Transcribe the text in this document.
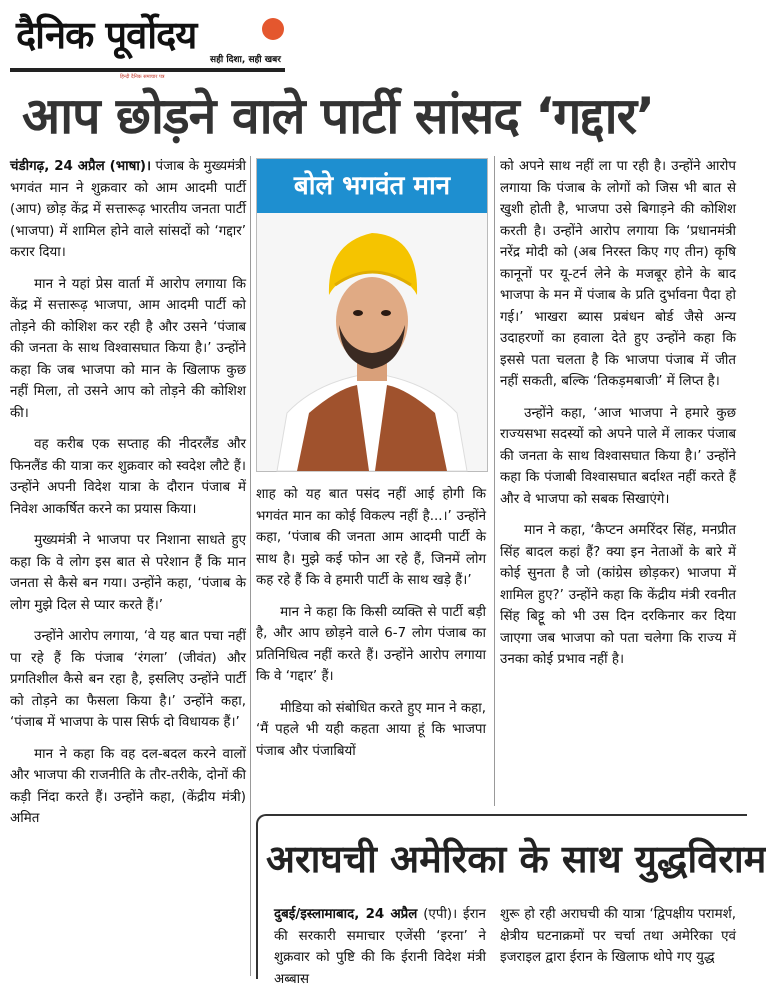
दैनिक पूर्वोदय
सही दिशा, सही खबर
हिन्दी दैनिक समाचार पत्र
आप छोड़ने वाले पार्टी सांसद ‘गद्दार’

चंडीगढ़, 24 अप्रैल (भाषा)। पंजाब के मुख्यमंत्री भगवंत मान ने शुक्रवार को आम आदमी पार्टी (आप) छोड़ केंद्र में सत्तारूढ़ भारतीय जनता पार्टी (भाजपा) में शामिल होने वाले सांसदों को ‘गद्दार’ करार दिया।

मान ने यहां प्रेस वार्ता में आरोप लगाया कि केंद्र में सत्तारूढ़ भाजपा, आम आदमी पार्टी को तोड़ने की कोशिश कर रही है और उसने ‘पंजाब की जनता के साथ विश्वासघात किया है।’ उन्होंने कहा कि जब भाजपा को मान के खिलाफ कुछ नहीं मिला, तो उसने आप को तोड़ने की कोशिश की।

वह करीब एक सप्ताह की नीदरलैंड और फिनलैंड की यात्रा कर शुक्रवार को स्वदेश लौटे हैं। उन्होंने अपनी विदेश यात्रा के दौरान पंजाब में निवेश आकर्षित करने का प्रयास किया।

मुख्यमंत्री ने भाजपा पर निशाना साधते हुए कहा कि वे लोग इस बात से परेशान हैं कि मान जनता से कैसे बन गया। उन्होंने कहा, ‘पंजाब के लोग मुझे दिल से प्यार करते हैं।’

उन्होंने आरोप लगाया, ‘वे यह बात पचा नहीं पा रहे हैं कि पंजाब ‘रंगला’ (जीवंत) और प्रगतिशील कैसे बन रहा है, इसलिए उन्होंने पार्टी को तोड़ने का फैसला किया है।’ उन्होंने कहा, ‘पंजाब में भाजपा के पास सिर्फ दो विधायक हैं।’

मान ने कहा कि वह दल-बदल करने वालों और भाजपा की राजनीति के तौर-तरीके, दोनों की कड़ी निंदा करते हैं। उन्होंने कहा, (केंद्रीय मंत्री) अमित

बोले भगवंत मान

शाह को यह बात पसंद नहीं आई होगी कि भगवंत मान का कोई विकल्प नहीं है...।’ उन्होंने कहा, ‘पंजाब की जनता आम आदमी पार्टी के साथ है। मुझे कई फोन आ रहे हैं, जिनमें लोग कह रहे हैं कि वे हमारी पार्टी के साथ खड़े हैं।’

मान ने कहा कि किसी व्यक्ति से पार्टी बड़ी है, और आप छोड़ने वाले 6-7 लोग पंजाब का प्रतिनिधित्व नहीं करते हैं। उन्होंने आरोप लगाया कि वे ‘गद्दार’ हैं।

मीडिया को संबोधित करते हुए मान ने कहा, ‘मैं पहले भी यही कहता आया हूं कि भाजपा पंजाब और पंजाबियों

को अपने साथ नहीं ला पा रही है। उन्होंने आरोप लगाया कि पंजाब के लोगों को जिस भी बात से खुशी होती है, भाजपा उसे बिगाड़ने की कोशिश करती है। उन्होंने आरोप लगाया कि ‘प्रधानमंत्री नरेंद्र मोदी को (अब निरस्त किए गए तीन) कृषि कानूनों पर यू-टर्न लेने के मजबूर होने के बाद भाजपा के मन में पंजाब के प्रति दुर्भावना पैदा हो गई।’ भाखरा ब्यास प्रबंधन बोर्ड जैसे अन्य उदाहरणों का हवाला देते हुए उन्होंने कहा कि इससे पता चलता है कि भाजपा पंजाब में जीत नहीं सकती, बल्कि ‘तिकड़मबाजी’ में लिप्त है।

उन्होंने कहा, ‘आज भाजपा ने हमारे कुछ राज्यसभा सदस्यों को अपने पाले में लाकर पंजाब की जनता के साथ विश्वासघात किया है।’ उन्होंने कहा कि पंजाबी विश्वासघात बर्दाश्त नहीं करते हैं और वे भाजपा को सबक सिखाएंगे।

मान ने कहा, ‘कैप्टन अमरिंदर सिंह, मनप्रीत सिंह बादल कहां हैं? क्या इन नेताओं के बारे में कोई सुनता है जो (कांग्रेस छोड़कर) भाजपा में शामिल हुए?’ उन्होंने कहा कि केंद्रीय मंत्री रवनीत सिंह बिट्टू को भी उस दिन दरकिनार कर दिया जाएगा जब भाजपा को पता चलेगा कि राज्य में उनका कोई प्रभाव नहीं है।

अराघची अमेरिका के साथ युद्धविराम

दुबई/इस्लामाबाद, 24 अप्रैल (एपी)। ईरान की सरकारी समाचार एजेंसी ‘इरना’ ने शुक्रवार को पुष्टि की कि ईरानी विदेश मंत्री अब्बास

शुरू हो रही अराघची की यात्रा ‘द्विपक्षीय परामर्श, क्षेत्रीय घटनाक्रमों पर चर्चा तथा अमेरिका एवं इजराइल द्वारा ईरान के खिलाफ थोपे गए युद्ध
